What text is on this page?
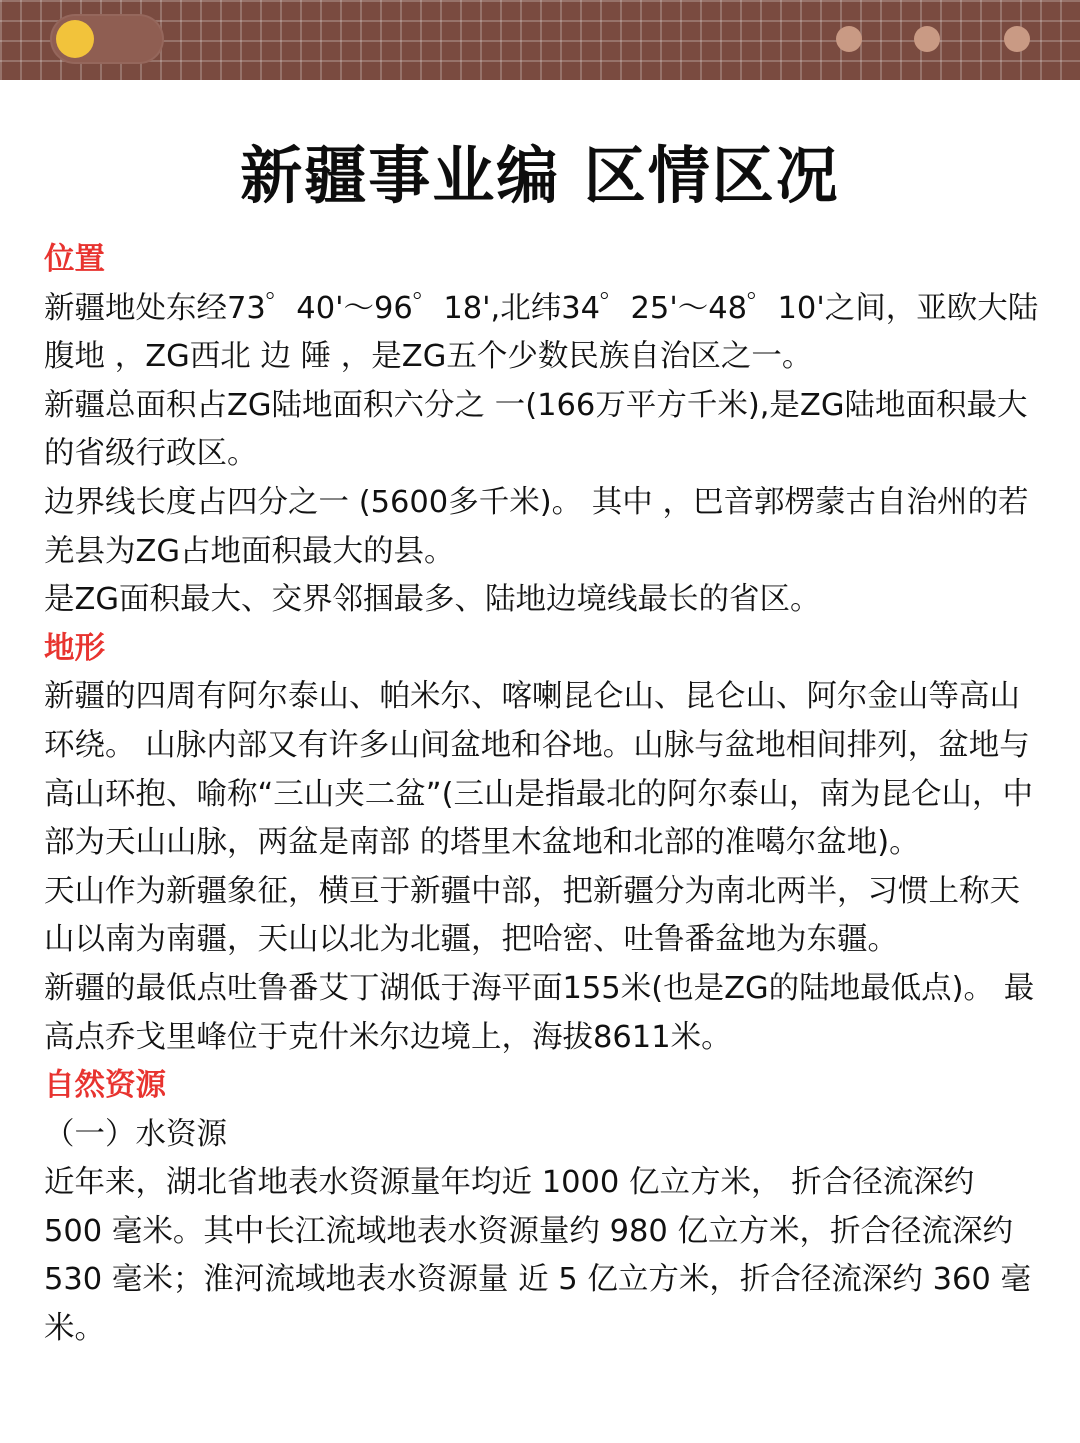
新疆事业编 区情区况

位置

新疆地处东经73゜40'～96゜18',北纬34゜25'～48゜10'之间，亚欧大陆腹地 ，ZG西北 边 陲 ，是ZG五个少数民族自治区之一。

新疆总面积占ZG陆地面积六分之 一(166万平方千米),是ZG陆地面积最大的省级行政区。

边界线长度占四分之一 (5600多千米)。 其中 ，巴音郭楞蒙古自治州的若羌县为ZG占地面积最大的县。

是ZG面积最大、交界邻掴最多、陆地边境线最长的省区。

地形

新疆的四周有阿尔泰山、帕米尔、喀喇昆仑山、昆仑山、阿尔金山等高山环绕。 山脉内部又有许多山间盆地和谷地。山脉与盆地相间排列，盆地与高山环抱、喻称“三山夹二盆”(三山是指最北的阿尔泰山，南为昆仑山，中部为天山山脉，两盆是南部 的塔里木盆地和北部的准噶尔盆地)。

天山作为新疆象征，横亘于新疆中部，把新疆分为南北两半，习惯上称天山以南为南疆，天山以北为北疆，把哈密、吐鲁番盆地为东疆。

新疆的最低点吐鲁番艾丁湖低于海平面155米(也是ZG的陆地最低点)。 最高点乔戈里峰位于克什米尔边境上，海拔8611米。

自然资源

（一）水资源

近年来，湖北省地表水资源量年均近 1000 亿立方米， 折合径流深约 500 毫米。其中长江流域地表水资源量约 980 亿立方米，折合径流深约 530 毫米；淮河流域地表水资源量 近 5 亿立方米，折合径流深约 360 毫米。
